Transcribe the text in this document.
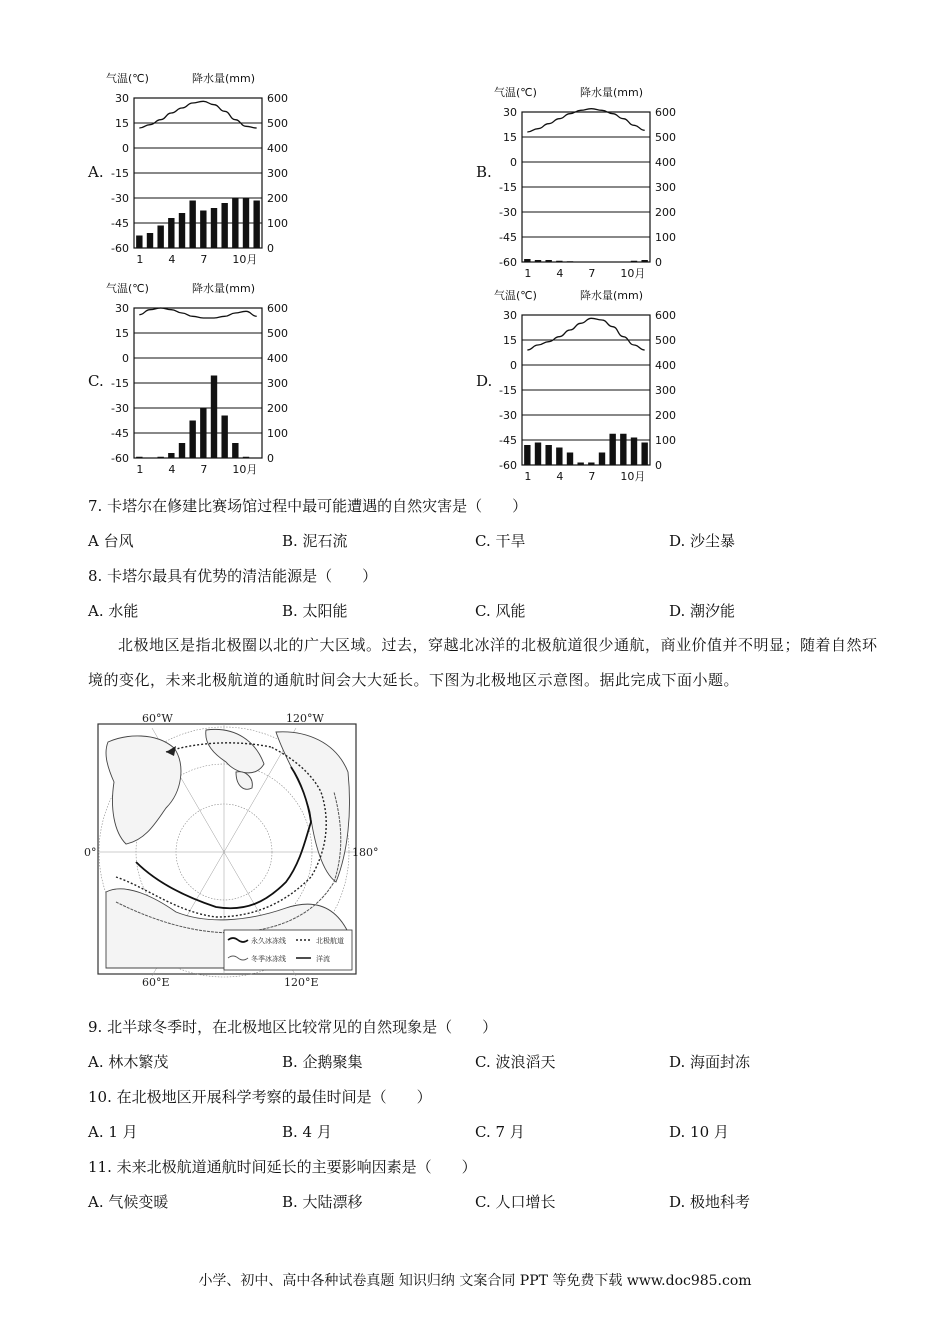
A.	B.
C.	D.
气温(℃)	降水量(mm)
30	600
15	500
0	400
-15	300
-30	200
-45	100
-60	0
1 4 7 10月
气温(℃)	降水量(mm)
30	600
15	500
0	400
-15	300
-30	200
-45	100
-60	0
1 4 7 10月
气温(℃)	降水量(mm)
30	600
15	500
0	400
-15	300
-30	200
-45	100
-60	0
1 4 7 10月
气温(℃)	降水量(mm)
30	600
15	500
0	400
-15	300
-30	200
-45	100
-60	0
1 4 7 10月
7. 卡塔尔在修建比赛场馆过程中最可能遭遇的自然灾害是（　　）
A 台风	B. 泥石流	C. 干旱	D. 沙尘暴
8. 卡塔尔最具有优势的清洁能源是（　　）
A. 水能	B. 太阳能	C. 风能	D. 潮汐能
北极地区是指北极圈以北的广大区域。过去，穿越北冰洋的北极航道很少通航，商业价值并不明显；随着自然环境的变化，未来北极航道的通航时间会大大延长。下图为北极地区示意图。据此完成下面小题。
60°W	120°W
0°	180°
60°E	120°E
永久冰冻线
冬季冰冻线
北极航道
洋流
9. 北半球冬季时，在北极地区比较常见的自然现象是（　　）
A. 林木繁茂	B. 企鹅聚集	C. 波浪滔天	D. 海面封冻
10. 在北极地区开展科学考察的最佳时间是（　　）
A. 1 月	B. 4 月	C. 7 月	D. 10 月
11. 未来北极航道通航时间延长的主要影响因素是（　　）
A. 气候变暖	B. 大陆漂移	C. 人口增长	D. 极地科考
小学、初中、高中各种试卷真题 知识归纳 文案合同 PPT 等免费下载 www.doc985.com
